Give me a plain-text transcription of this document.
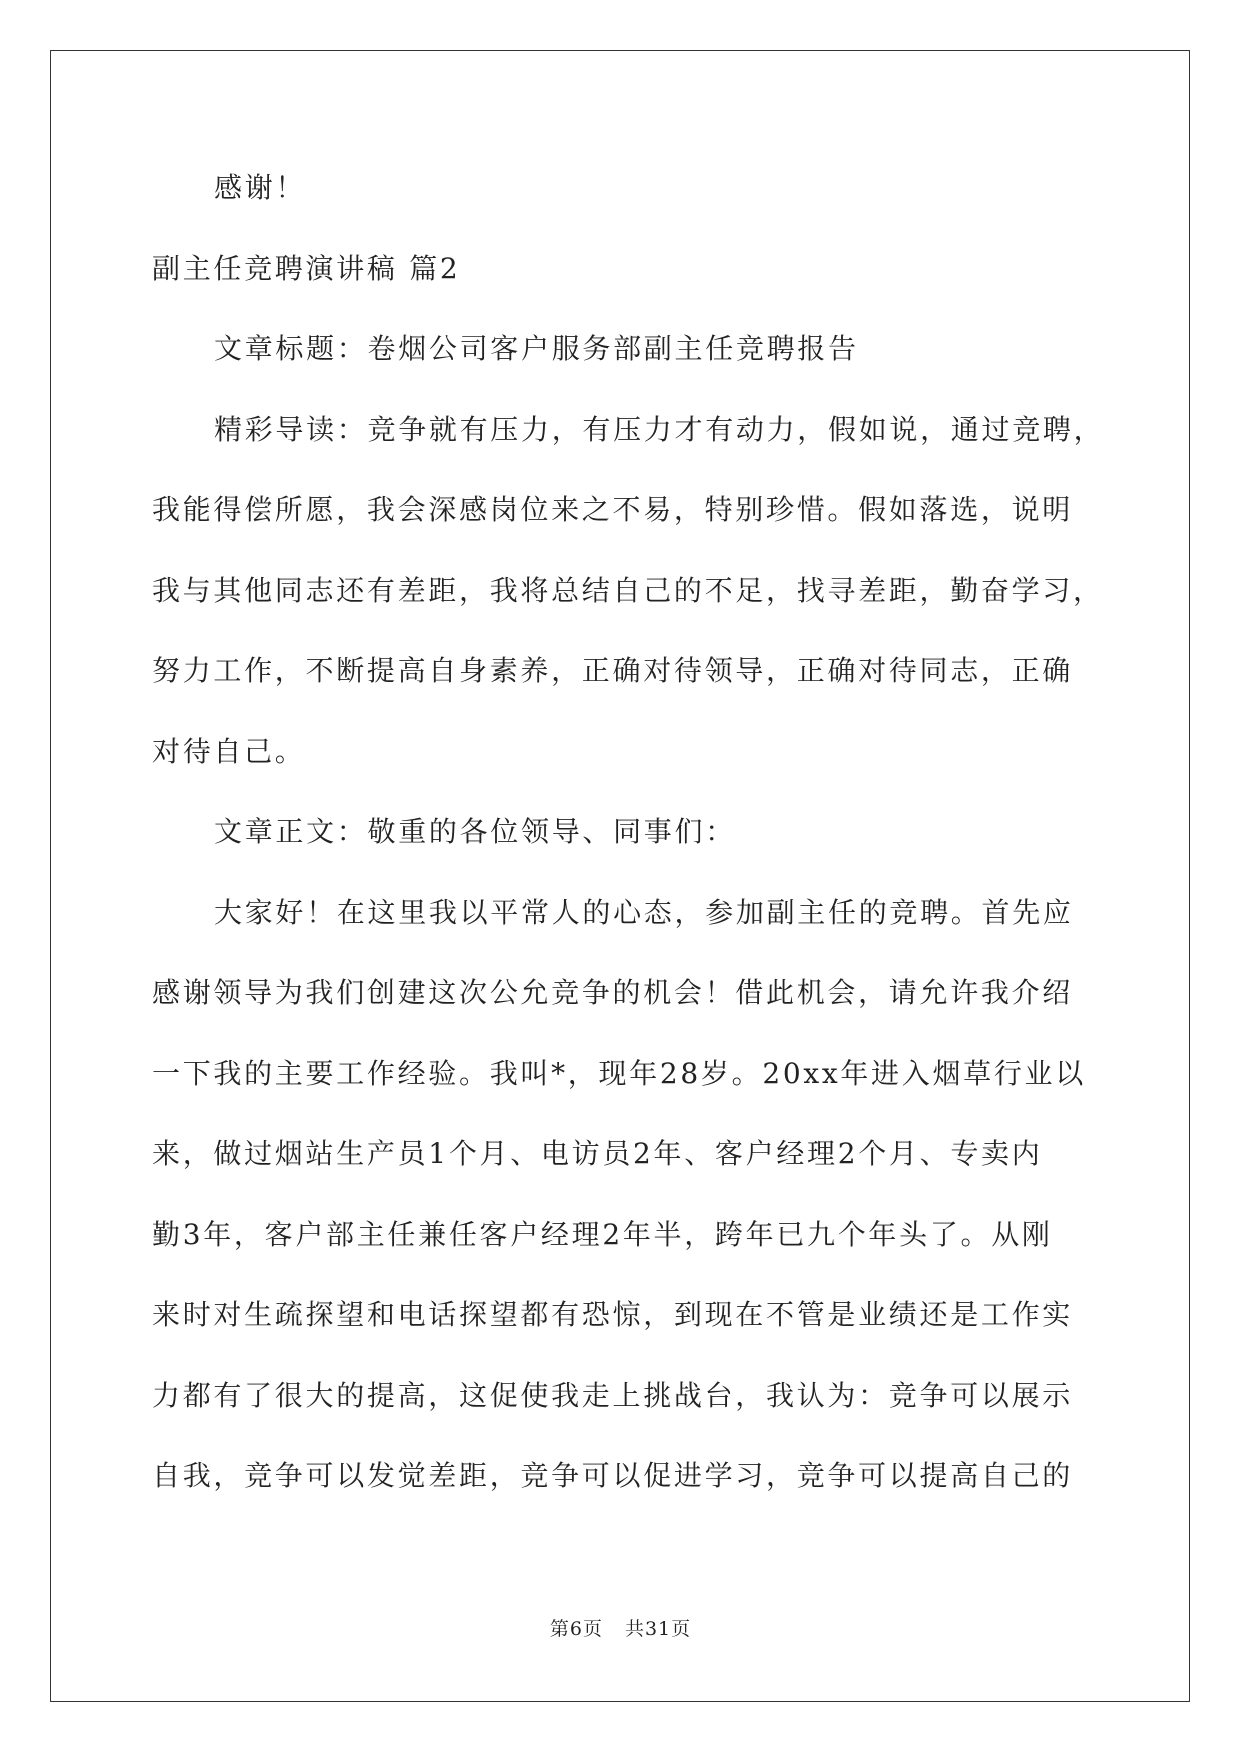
感谢！

副主任竞聘演讲稿 篇2

文章标题：卷烟公司客户服务部副主任竞聘报告

精彩导读：竞争就有压力，有压力才有动力，假如说，通过竞聘，

我能得偿所愿，我会深感岗位来之不易，特别珍惜。假如落选，说明

我与其他同志还有差距，我将总结自己的不足，找寻差距，勤奋学习，

努力工作，不断提高自身素养，正确对待领导，正确对待同志，正确

对待自己。

文章正文：敬重的各位领导、同事们：

大家好！在这里我以平常人的心态，参加副主任的竞聘。首先应

感谢领导为我们创建这次公允竞争的机会！借此机会，请允许我介绍

一下我的主要工作经验。我叫*，现年28岁。20xx年进入烟草行业以

来，做过烟站生产员1个月、电访员2年、客户经理2个月、专卖内

勤3年，客户部主任兼任客户经理2年半，跨年已九个年头了。从刚

来时对生疏探望和电话探望都有恐惊，到现在不管是业绩还是工作实

力都有了很大的提高，这促使我走上挑战台，我认为：竞争可以展示

自我，竞争可以发觉差距，竞争可以促进学习，竞争可以提高自己的

第6页 共31页
